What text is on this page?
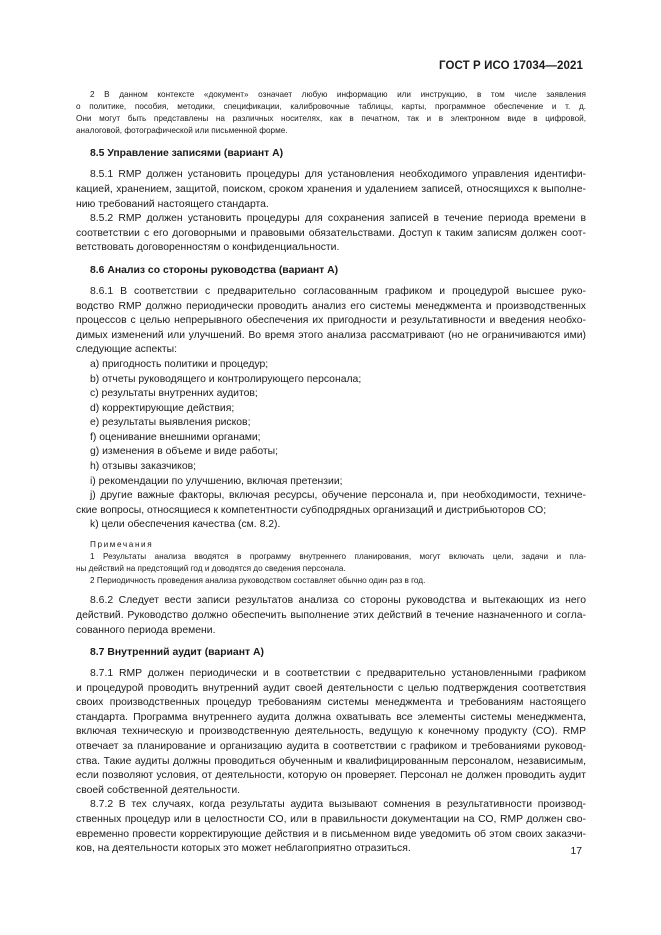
ГОСТ Р ИСО 17034—2021
2 В данном контексте «документ» означает любую информацию или инструкцию, в том числе заявления
о политике, пособия, методики, спецификации, калибровочные таблицы, карты, программное обеспечение и т. д.
Они могут быть представлены на различных носителях, как в печатном, так и в электронном виде в цифровой,
аналоговой, фотографической или письменной форме.
8.5 Управление записями (вариант А)
8.5.1 RMP должен установить процедуры для установления необходимого управления идентифи-
кацией, хранением, защитой, поиском, сроком хранения и удалением записей, относящихся к выполне-
нию требований настоящего стандарта.
8.5.2 RMP должен установить процедуры для сохранения записей в течение периода времени в
соответствии с его договорными и правовыми обязательствами. Доступ к таким записям должен соот-
ветствовать договоренностям о конфиденциальности.
8.6 Анализ со стороны руководства (вариант А)
8.6.1 В соответствии с предварительно согласованным графиком и процедурой высшее руко-
водство RMP должно периодически проводить анализ его системы менеджмента и производственных
процессов с целью непрерывного обеспечения их пригодности и результативности и введения необхо-
димых изменений или улучшений. Во время этого анализа рассматривают (но не ограничиваются ими)
следующие аспекты:
a) пригодность политики и процедур;
b) отчеты руководящего и контролирующего персонала;
c) результаты внутренних аудитов;
d) корректирующие действия;
e) результаты выявления рисков;
f) оценивание внешними органами;
g) изменения в объеме и виде работы;
h) отзывы заказчиков;
i) рекомендации по улучшению, включая претензии;
j) другие важные факторы, включая ресурсы, обучение персонала и, при необходимости, техниче-
ские вопросы, относящиеся к компетентности субподрядных организаций и дистрибьюторов СО;
k) цели обеспечения качества (см. 8.2).
Примечания
1 Результаты анализа вводятся в программу внутреннего планирования, могут включать цели, задачи и пла-
ны действий на предстоящий год и доводятся до сведения персонала.
2 Периодичность проведения анализа руководством составляет обычно один раз в год.
8.6.2 Следует вести записи результатов анализа со стороны руководства и вытекающих из него
действий. Руководство должно обеспечить выполнение этих действий в течение назначенного и согла-
сованного периода времени.
8.7 Внутренний аудит (вариант А)
8.7.1 RMP должен периодически и в соответствии с предварительно установленными графиком
и процедурой проводить внутренний аудит своей деятельности с целью подтверждения соответствия
своих производственных процедур требованиям системы менеджмента и требованиям настоящего
стандарта. Программа внутреннего аудита должна охватывать все элементы системы менеджмента,
включая техническую и производственную деятельность, ведущую к конечному продукту (СО). RMP
отвечает за планирование и организацию аудита в соответствии с графиком и требованиями руковод-
ства. Такие аудиты должны проводиться обученным и квалифицированным персоналом, независимым,
если позволяют условия, от деятельности, которую он проверяет. Персонал не должен проводить аудит
своей собственной деятельности.
8.7.2 В тех случаях, когда результаты аудита вызывают сомнения в результативности производ-
ственных процедур или в целостности СО, или в правильности документации на СО, RMP должен сво-
евременно провести корректирующие действия и в письменном виде уведомить об этом своих заказчи-
ков, на деятельности которых это может неблагоприятно отразиться.	17
